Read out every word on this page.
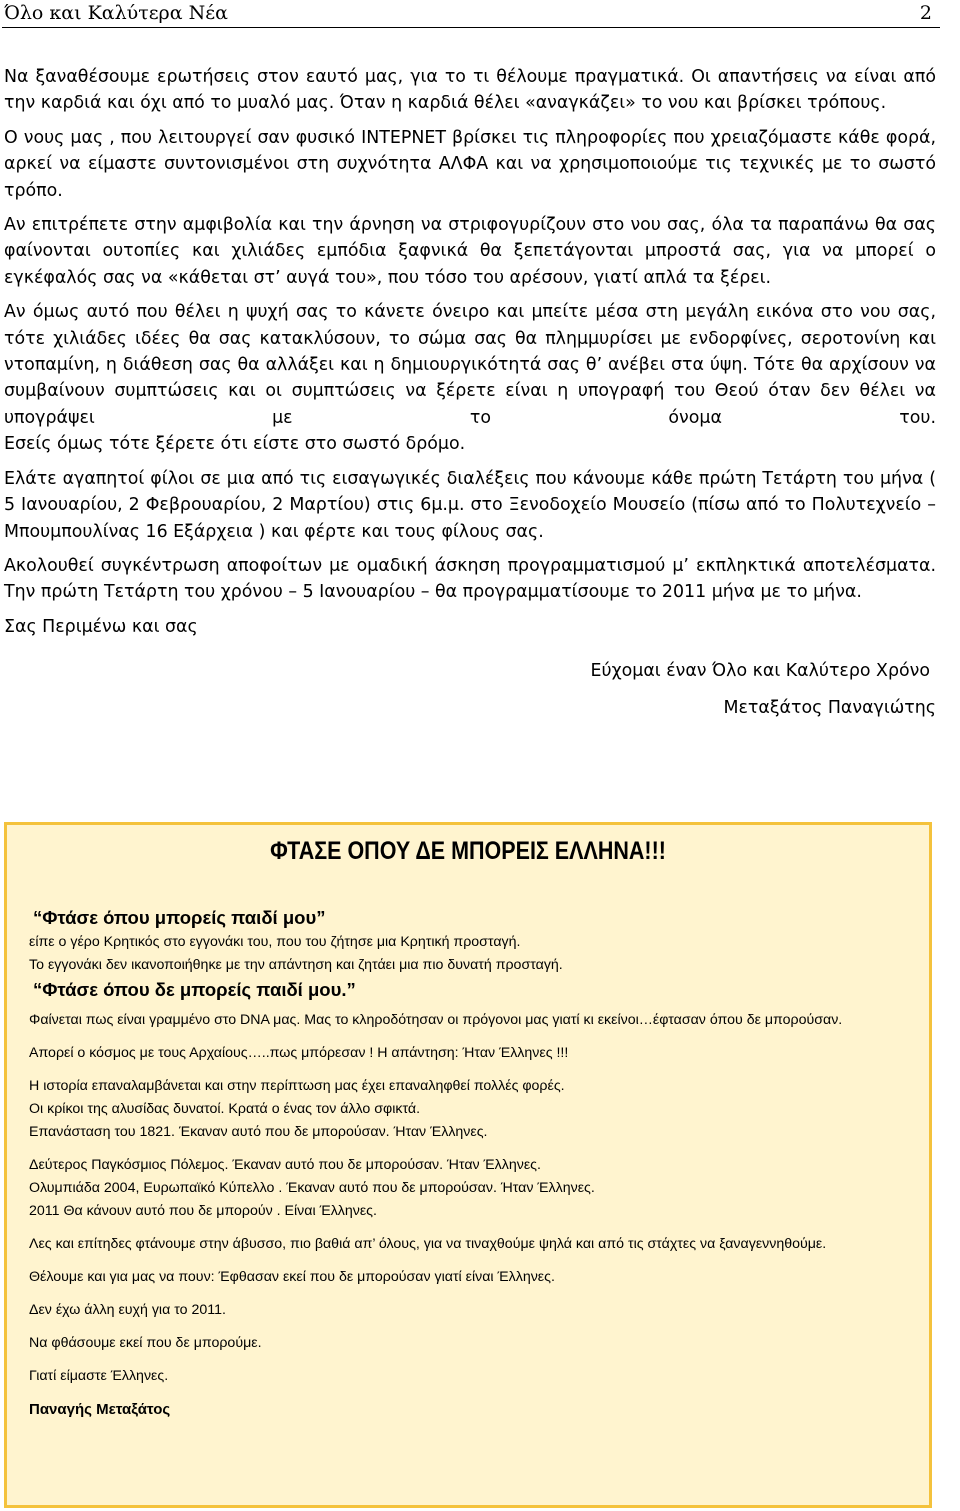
Όλο και Καλύτερα Νέα	2

Να ξαναθέσουμε ερωτήσεις στον εαυτό μας, για το τι θέλουμε πραγματικά. Οι απαντήσεις να είναι από την καρδιά και όχι από το μυαλό μας. Όταν η καρδιά θέλει «αναγκάζει» το νου και βρίσκει τρόπους.

Ο νους μας , που λειτουργεί σαν φυσικό ΙΝΤΕΡΝΕΤ βρίσκει τις πληροφορίες που χρειαζόμαστε κάθε φορά, αρκεί να είμαστε συντονισμένοι στη συχνότητα ΑΛΦΑ και να χρησιμοποιούμε τις τεχνικές με το σωστό τρόπο.

Αν επιτρέπετε στην αμφιβολία και την άρνηση να στριφογυρίζουν στο νου σας, όλα τα παραπάνω θα σας φαίνονται ουτοπίες και χιλιάδες εμπόδια ξαφνικά θα ξεπετάγονται μπροστά σας, για να μπορεί ο εγκέφαλός σας να «κάθεται στ’ αυγά του», που τόσο του αρέσουν, γιατί απλά τα ξέρει.

Αν όμως αυτό που θέλει η ψυχή σας το κάνετε όνειρο και μπείτε μέσα στη μεγάλη εικόνα στο νου σας, τότε χιλιάδες ιδέες θα σας κατακλύσουν, το σώμα σας θα πλημμυρίσει με ενδορφίνες, σεροτονίνη και ντοπαμίνη, η διάθεση σας θα αλλάξει και η δημιουργικότητά σας θ’ ανέβει στα ύψη. Τότε θα αρχίσουν να συμβαίνουν συμπτώσεις και οι συμπτώσεις να ξέρετε είναι η υπογραφή του Θεού όταν δεν θέλει να υπογράψει με το όνομα του.

Εσείς όμως τότε ξέρετε ότι είστε στο σωστό δρόμο.

Ελάτε αγαπητοί φίλοι σε μια από τις εισαγωγικές διαλέξεις που κάνουμε κάθε πρώτη Τετάρτη του μήνα ( 5 Ιανουαρίου, 2 Φεβρουαρίου, 2 Μαρτίου) στις 6μ.μ. στο Ξενοδοχείο Μουσείο (πίσω από το Πολυτεχνείο – Μπουμπουλίνας 16 Εξάρχεια ) και φέρτε και τους φίλους σας.

Ακολουθεί συγκέντρωση αποφοίτων με ομαδική άσκηση προγραμματισμού μ’ εκπληκτικά αποτελέσματα. Την πρώτη Τετάρτη του χρόνου – 5 Ιανουαρίου – θα προγραμματίσουμε το 2011 μήνα με το μήνα.

Σας Περιμένω και σας

Εύχομαι έναν Όλο και Καλύτερο Χρόνο

Μεταξάτος Παναγιώτης

ΦΤΑΣΕ ΟΠΟΥ ΔΕ ΜΠΟΡΕΙΣ ΕΛΛΗΝΑ!!!
“Φτάσε όπου μπορείς παιδί μου”

είπε ο γέρο Κρητικός στο εγγονάκι του, που του ζήτησε μια Κρητική προσταγή.
Το εγγονάκι δεν ικανοποιήθηκε με την απάντηση και ζητάει μια πιο δυνατή προσταγή.

“Φτάσε όπου δε μπορείς παιδί μου.”

Φαίνεται πως είναι γραμμένο στο DNA μας. Μας το κληροδότησαν οι πρόγονοι μας γιατί κι εκείνοι…έφτασαν όπου δε μπορούσαν.

Απορεί ο κόσμος με τους Αρχαίους…..πως μπόρεσαν ! Η απάντηση: Ήταν Έλληνες !!!

Η ιστορία επαναλαμβάνεται και στην περίπτωση μας έχει επαναληφθεί πολλές φορές.
Οι κρίκοι της αλυσίδας δυνατοί. Κρατά ο ένας τον άλλο σφικτά.
Επανάσταση του 1821. Έκαναν αυτό που δε μπορούσαν. Ήταν Έλληνες.

Δεύτερος Παγκόσμιος Πόλεμος. Έκαναν αυτό που δε μπορούσαν. Ήταν Έλληνες.
Ολυμπιάδα 2004, Ευρωπαϊκό Κύπελλο . Έκαναν αυτό που δε μπορούσαν. Ήταν Έλληνες.
2011 Θα κάνουν αυτό που δε μπορούν . Είναι Έλληνες.

Λες και επίτηδες φτάνουμε στην άβυσσο, πιο βαθιά απ’ όλους, για να τιναχθούμε ψηλά και από τις στάχτες να ξαναγεννηθούμε.

Θέλουμε και για μας να πουν: Έφθασαν εκεί που δε μπορούσαν γιατί είναι Έλληνες.

Δεν έχω άλλη ευχή για το 2011.

Να φθάσουμε εκεί που δε μπορούμε.

Γιατί είμαστε Έλληνες.

Παναγής Μεταξάτος
